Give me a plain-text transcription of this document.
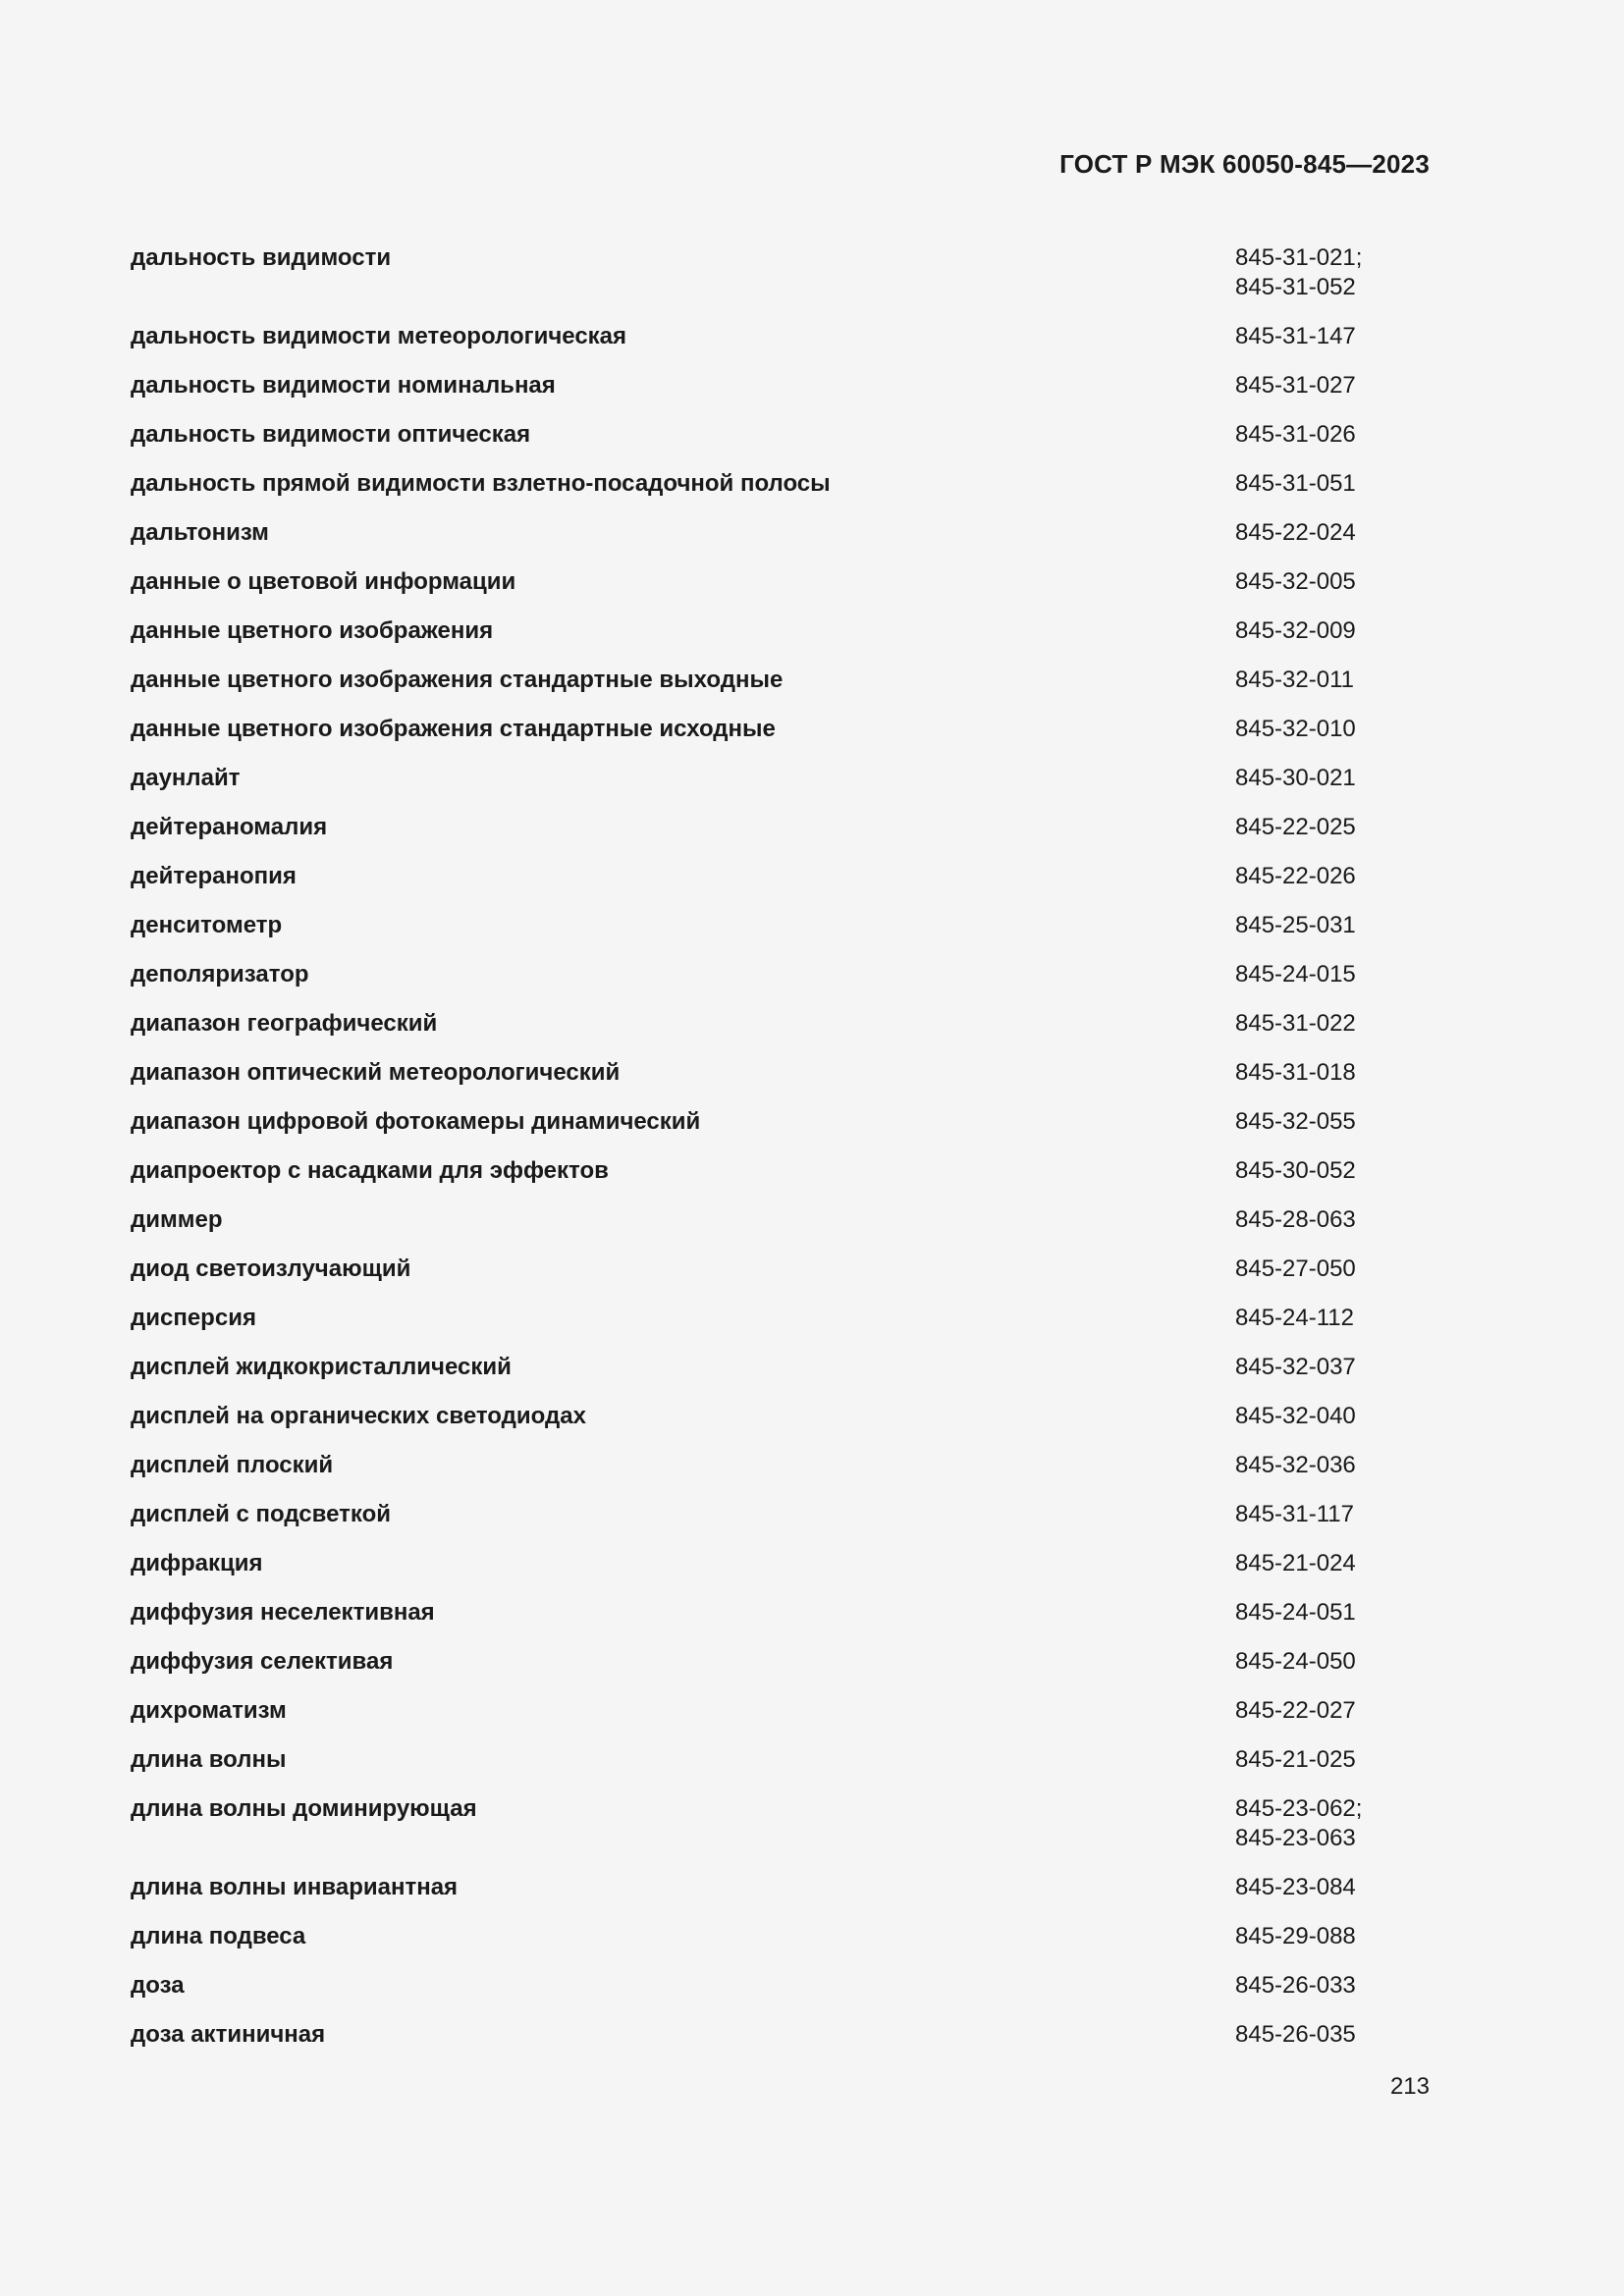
ГОСТ Р МЭК 60050-845—2023
дальность видимости	845-31-021;
845-31-052
дальность видимости метеорологическая	845-31-147
дальность видимости номинальная	845-31-027
дальность видимости оптическая	845-31-026
дальность прямой видимости взлетно-посадочной полосы	845-31-051
дальтонизм	845-22-024
данные о цветовой информации	845-32-005
данные цветного изображения	845-32-009
данные цветного изображения стандартные выходные	845-32-011
данные цветного изображения стандартные исходные	845-32-010
даунлайт	845-30-021
дейтераномалия	845-22-025
дейтеранопия	845-22-026
денситометр	845-25-031
деполяризатор	845-24-015
диапазон географический	845-31-022
диапазон оптический метеорологический	845-31-018
диапазон цифровой фотокамеры динамический	845-32-055
диапроектор с насадками для эффектов	845-30-052
диммер	845-28-063
диод светоизлучающий	845-27-050
дисперсия	845-24-112
дисплей жидкокристаллический	845-32-037
дисплей на органических светодиодах	845-32-040
дисплей плоский	845-32-036
дисплей с подсветкой	845-31-117
дифракция	845-21-024
диффузия неселективная	845-24-051
диффузия селективая	845-24-050
дихроматизм	845-22-027
длина волны	845-21-025
длина волны доминирующая	845-23-062;
845-23-063
длина волны инвариантная	845-23-084
длина подвеса	845-29-088
доза	845-26-033
доза актиничная	845-26-035
213
